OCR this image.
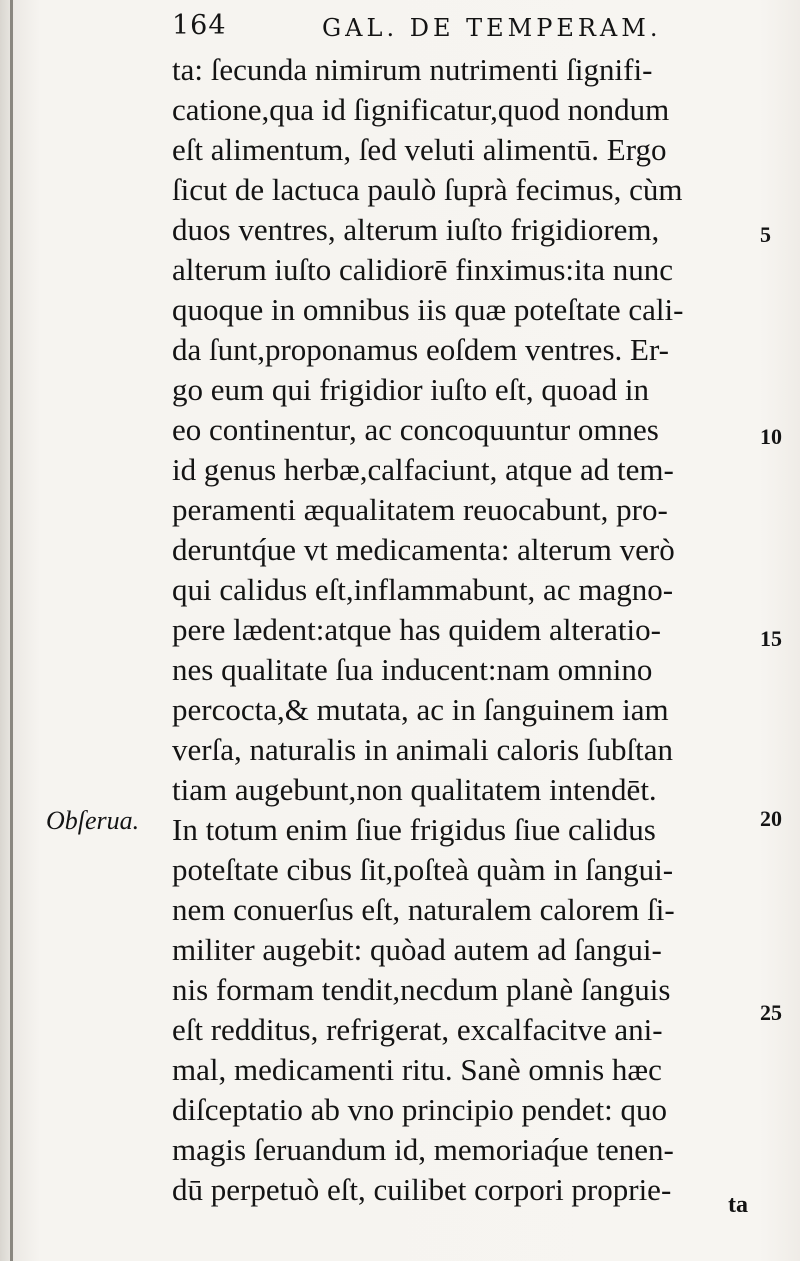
164	GAL. DE TEMPERAM.
ta: ſecunda nimirum nutrimenti ſignifi-
catione,qua id ſignificatur,quod nondum
eſt alimentum, ſed veluti alimentū. Ergo
ſicut de lactuca paulò ſuprà fecimus, cùm
duos ventres, alterum iuſto frigidiorem,
alterum iuſto calidiorē finximus:ita nunc
quoque in omnibus iis quæ poteſtate cali-
da ſunt,proponamus eoſdem ventres. Er-
go eum qui frigidior iuſto eſt, quoad in
eo continentur, ac concoquuntur omnes
id genus herbæ,calfaciunt, atque ad tem-
peramenti æqualitatem reuocabunt, pro-
deruntq́ue vt medicamenta: alterum verò
qui calidus eſt,inflammabunt, ac magno-
pere lædent:atque has quidem alteratio-
nes qualitate ſua inducent:nam omnino
percocta,& mutata, ac in ſanguinem iam
verſa, naturalis in animali caloris ſubſtan
tiam augebunt,non qualitatem intendēt.
In totum enim ſiue frigidus ſiue calidus
poteſtate cibus ſit,poſteà quàm in ſangui-
nem conuerſus eſt, naturalem calorem ſi-
militer augebit: quòad autem ad ſangui-
nis formam tendit,necdum planè ſanguis
eſt redditus, refrigerat, excalfacitve ani-
mal, medicamenti ritu. Sanè omnis hæc
diſceptatio ab vno principio pendet: quo
magis ſeruandum id, memoriaq́ue tenen-
dū perpetuò eſt, cuilibet corpori proprie-
5
10
15
20
25
Obſerua.
ta
